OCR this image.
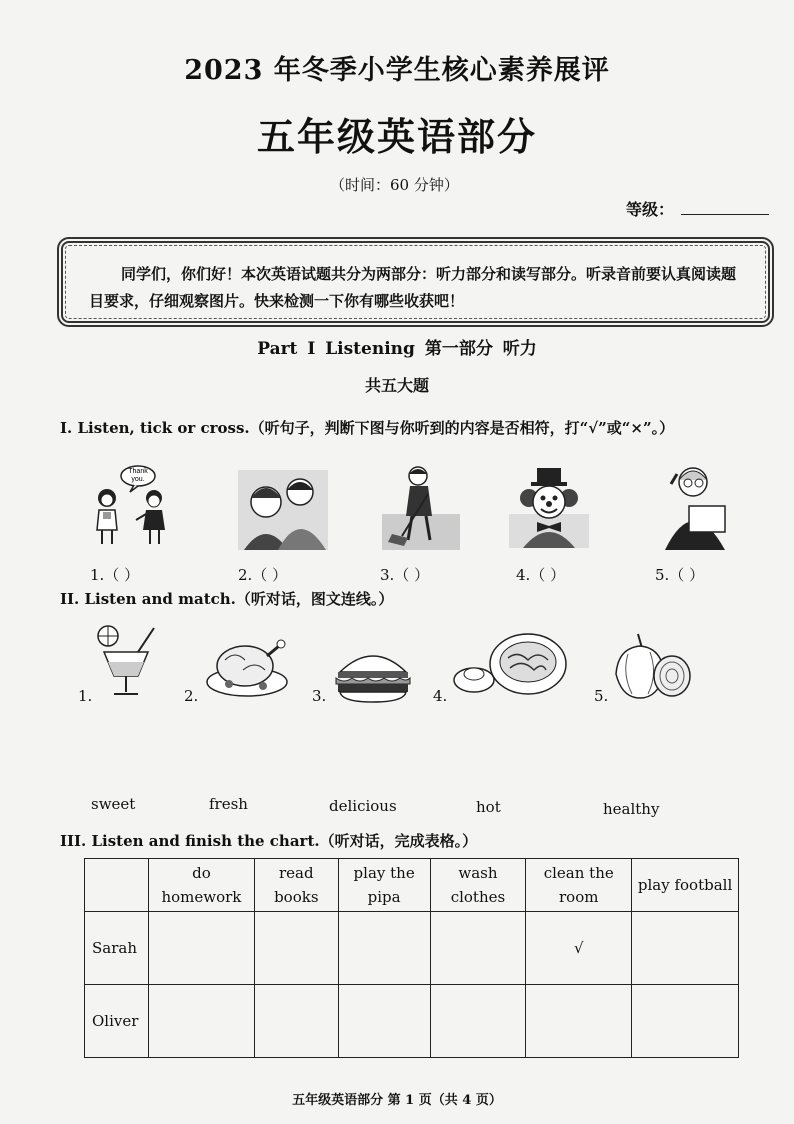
2023 年冬季小学生核心素养展评
五年级英语部分
（时间：60 分钟）
等级：
同学们，你们好！本次英语试题共分为两部分：听力部分和读写部分。听录音前要认真阅读题目要求，仔细观察图片。快来检测一下你有哪些收获吧！
Part I Listening 第一部分 听力
共五大题
I. Listen, tick or cross.（听句子，判断下图与你听到的内容是否相符，打“√”或“×”。）
Thank
you.
1.（ ）	2.（ ）	3.（ ）	4.（ ）	5.（ ）
II. Listen and match.（听对话，图文连线。）
1.	2.	3.	4.	5.
sweet	fresh	delicious	hot	healthy
III. Listen and finish the chart.（听对话，完成表格。）
	do homework	read books	play the pipa	wash clothes	clean the room	play football
Sarah					√	
Oliver						
五年级英语部分 第 1 页（共 4 页）
